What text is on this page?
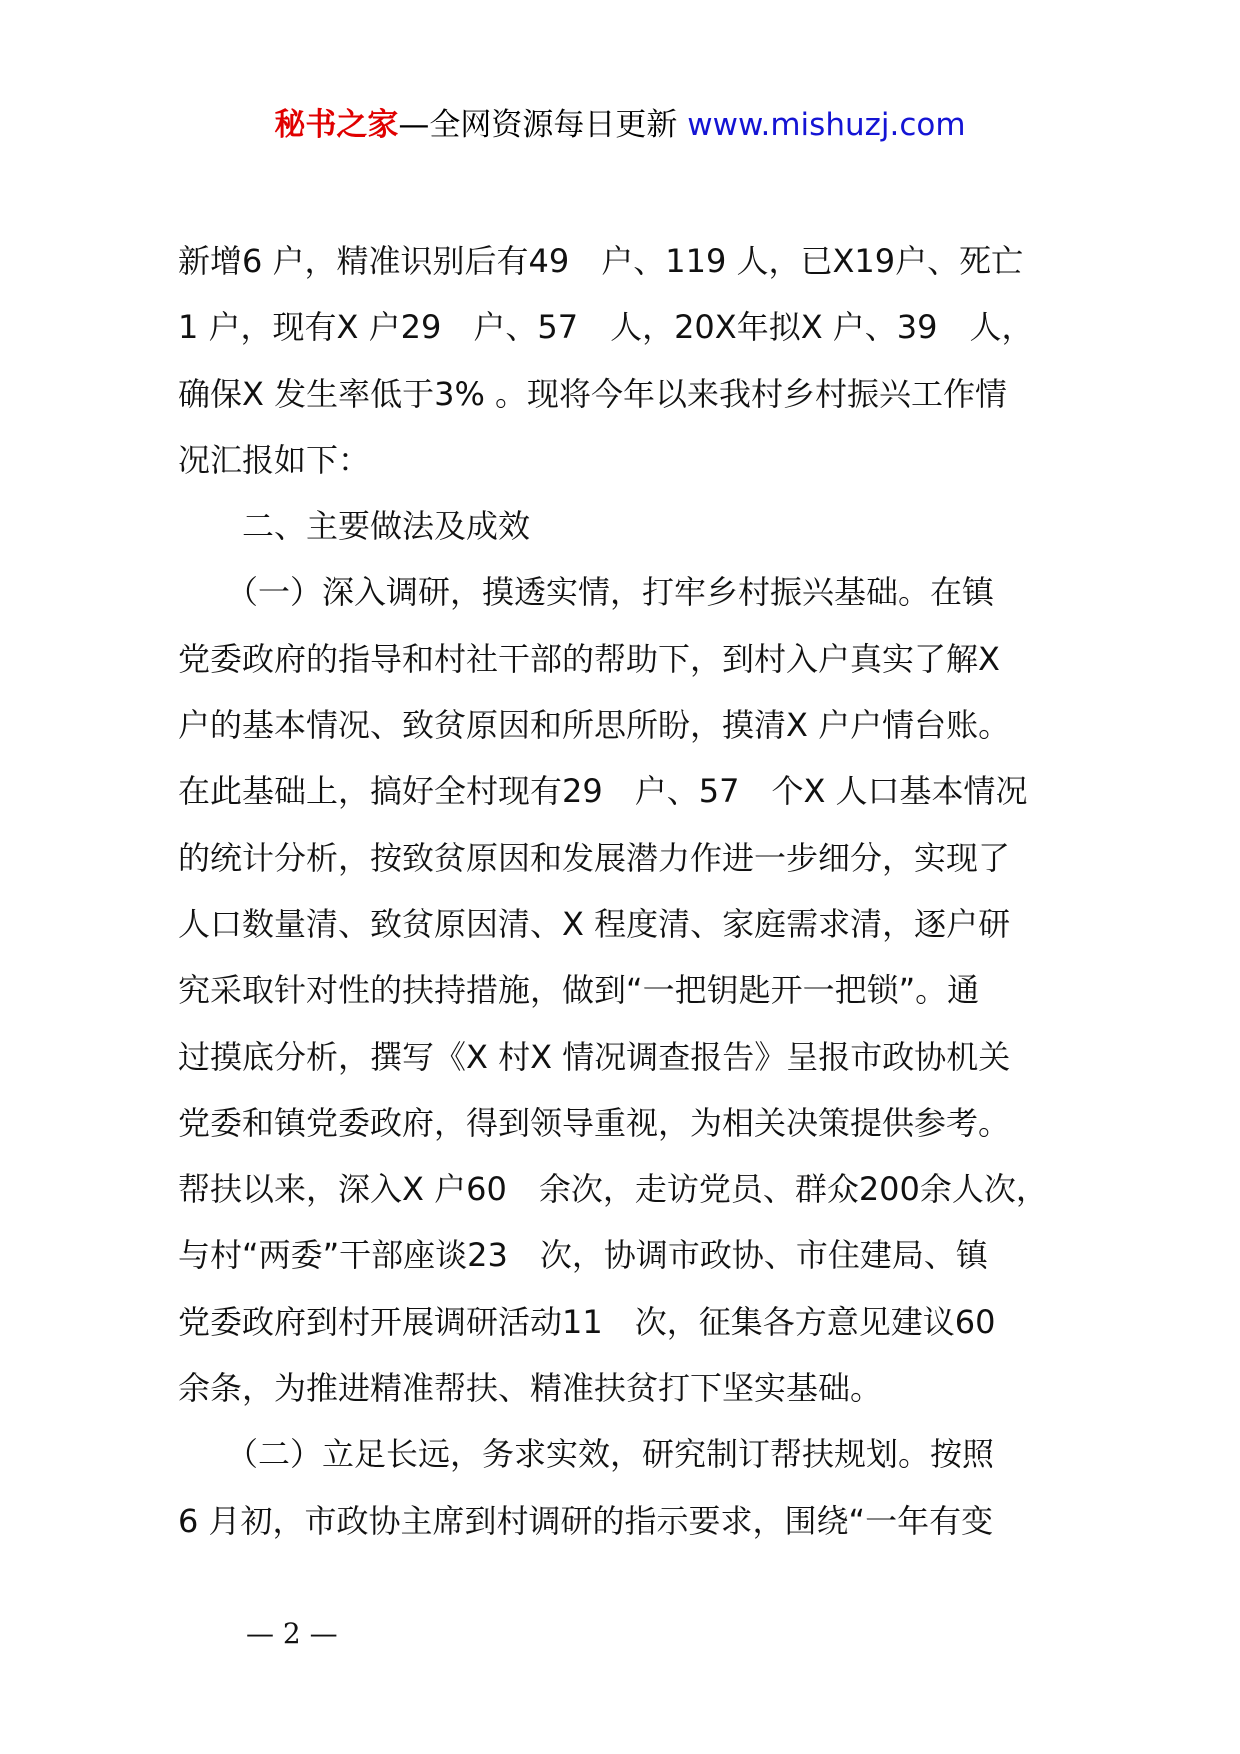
秘书之家—全网资源每日更新 www.mishuzj.com
新增6 户，精准识别后有49　户、119 人，已X19户、死亡
1 户，现有X 户29　户、57　人，20X年拟X 户、39　人，
确保X 发生率低于3% 。现将今年以来我村乡村振兴工作情
况汇报如下：
　　二、主要做法及成效
　　（一）深入调研，摸透实情，打牢乡村振兴基础。在镇
党委政府的指导和村社干部的帮助下，到村入户真实了解X
户的基本情况、致贫原因和所思所盼，摸清X 户户情台账。
在此基础上，搞好全村现有29　户、57　个X 人口基本情况
的统计分析，按致贫原因和发展潜力作进一步细分，实现了
人口数量清、致贫原因清、X 程度清、家庭需求清，逐户研
究采取针对性的扶持措施，做到“一把钥匙开一把锁”。通
过摸底分析，撰写《X 村X 情况调查报告》呈报市政协机关
党委和镇党委政府，得到领导重视，为相关决策提供参考。
帮扶以来，深入X 户60　余次，走访党员、群众200余人次，
与村“两委”干部座谈23　次，协调市政协、市住建局、镇
党委政府到村开展调研活动11　次，征集各方意见建议60
余条，为推进精准帮扶、精准扶贫打下坚实基础。
　　（二）立足长远，务求实效，研究制订帮扶规划。按照
6 月初，市政协主席到村调研的指示要求，围绕“一年有变
— 2 —
